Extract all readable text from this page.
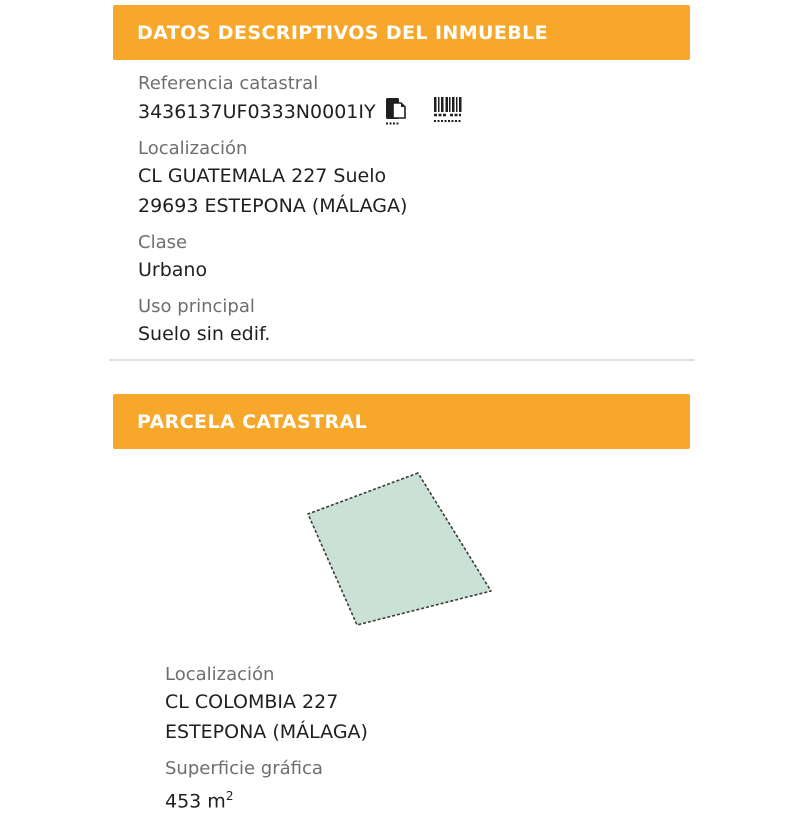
DATOS DESCRIPTIVOS DEL INMUEBLE
Referencia catastral
3436137UF0333N0001IY
Localización
CL GUATEMALA 227 Suelo
29693 ESTEPONA (MÁLAGA)
Clase
Urbano
Uso principal
Suelo sin edif.
PARCELA CATASTRAL
Localización
CL COLOMBIA 227
ESTEPONA (MÁLAGA)
Superficie gráfica
453 $m^2$
